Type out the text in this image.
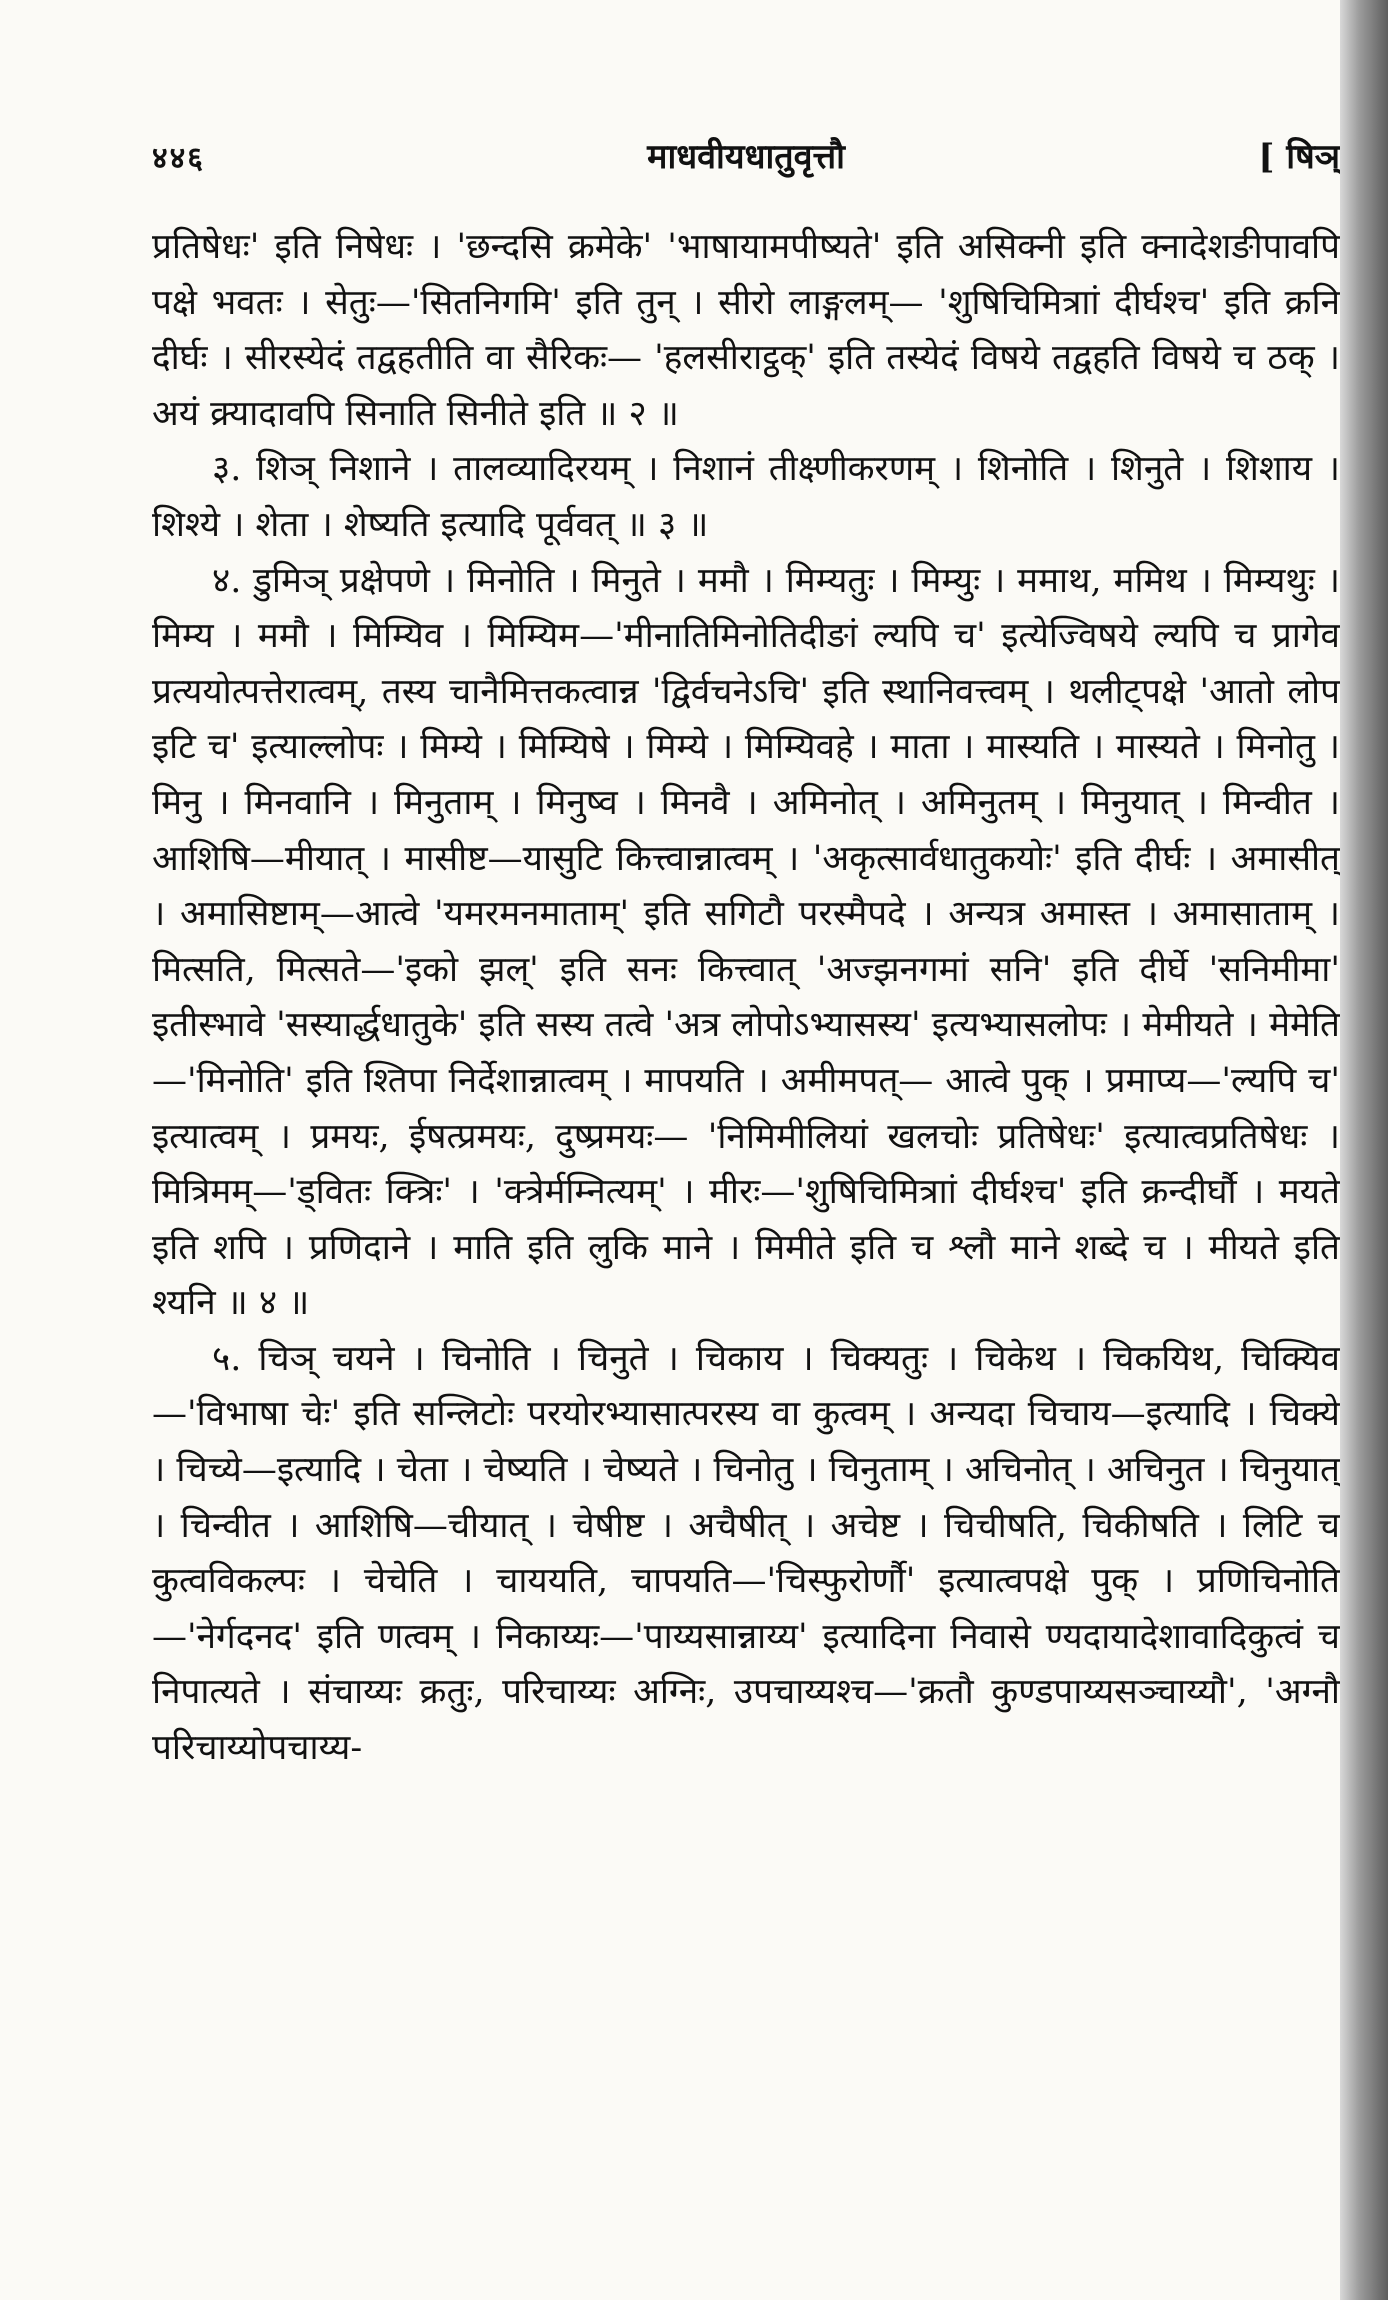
४४६	माधवीयधातुवृत्तौ	[ षिञ्

प्रतिषेधः' इति निषेधः । 'छन्दसि क्रमेके' 'भाषायामपीष्यते' इति असिक्नी इति क्नादेशङीपावपि पक्षे भवतः । सेतुः—'सितनिगमि' इति तुन् । सीरो लाङ्गलम्— 'शुषिचिमित्राां दीर्घश्च' इति क्रनि दीर्घः । सीरस्येदं तद्वहतीति वा सैरिकः— 'हलसीराट्ठक्' इति तस्येदं विषये तद्वहति विषये च ठक् । अयं क्र्यादावपि सिनाति सिनीते इति ॥ २ ॥

३. शिञ् निशाने । तालव्यादिरयम् । निशानं तीक्ष्णीकरणम् । शिनोति । शिनुते । शिशाय । शिश्ये । शेता । शेष्यति इत्यादि पूर्ववत् ॥ ३ ॥

४. डुमिञ् प्रक्षेपणे । मिनोति । मिनुते । ममौ । मिम्यतुः । मिम्युः । ममाथ, ममिथ । मिम्यथुः । मिम्य । ममौ । मिम्यिव । मिम्यिम—'मीनातिमिनोतिदीङां ल्यपि च' इत्येज्विषये ल्यपि च प्रागेव प्रत्ययोत्पत्तेरात्वम्, तस्य चानैमित्तकत्वान्न 'द्विर्वचनेऽचि' इति स्थानिवत्त्वम् । थलीट्पक्षे 'आतो लोप इटि च' इत्याल्लोपः । मिम्ये । मिम्यिषे । मिम्ये । मिम्यिवहे । माता । मास्यति । मास्यते । मिनोतु । मिनु । मिनवानि । मिनुताम् । मिनुष्व । मिनवै । अमिनोत् । अमिनुतम् । मिनुयात् । मिन्वीत । आशिषि—मीयात् । मासीष्ट—यासुटि कित्त्वान्नात्वम् । 'अकृत्सार्वधातुकयोः' इति दीर्घः । अमासीत् । अमासिष्टाम्—आत्वे 'यमरमनमाताम्' इति सगिटौ परस्मैपदे । अन्यत्र अमास्त । अमासाताम् । मित्सति, मित्सते—'इको झल्' इति सनः कित्त्वात् 'अज्झनगमां सनि' इति दीर्घे 'सनिमीमा' इतीस्भावे 'सस्यार्द्धधातुके' इति सस्य तत्वे 'अत्र लोपोऽभ्यासस्य' इत्यभ्यासलोपः । मेमीयते । मेमेति—'मिनोति' इति श्तिपा निर्देशान्नात्वम् । मापयति । अमीमपत्— आत्वे पुक् । प्रमाप्य—'ल्यपि च' इत्यात्वम् । प्रमयः, ईषत्प्रमयः, दुष्प्रमयः— 'निमिमीलियां खलचोः प्रतिषेधः' इत्यात्वप्रतिषेधः । मित्रिमम्—'ड्वितः क्त्रिः' । 'क्त्रेर्मम्नित्यम्' । मीरः—'शुषिचिमित्राां दीर्घश्च' इति क्रन्दीर्घौ । मयते इति शपि । प्रणिदाने । माति इति लुकि माने । मिमीते इति च श्लौ माने शब्दे च । मीयते इति श्यनि ॥ ४ ॥

५. चिञ् चयने । चिनोति । चिनुते । चिकाय । चिक्यतुः । चिकेथ । चिकयिथ, चिक्यिव—'विभाषा चेः' इति सन्लिटोः परयोरभ्यासात्परस्य वा कुत्वम् । अन्यदा चिचाय—इत्यादि । चिक्ये । चिच्ये—इत्यादि । चेता । चेष्यति । चेष्यते । चिनोतु । चिनुताम् । अचिनोत् । अचिनुत । चिनुयात् । चिन्वीत । आशिषि—चीयात् । चेषीष्ट । अचैषीत् । अचेष्ट । चिचीषति, चिकीषति । लिटि च कुत्वविकल्पः । चेचेति । चाययति, चापयति—'चिस्फुरोर्णौ' इत्यात्वपक्षे पुक् । प्रणिचिनोति—'नेर्गदनद' इति णत्वम् । निकाय्यः—'पाय्यसान्नाय्य' इत्यादिना निवासे ण्यदायादेशावादिकुत्वं च निपात्यते । संचाय्यः क्रतुः, परिचाय्यः अग्निः, उपचाय्यश्च—'क्रतौ कुण्डपाय्यसञ्चाय्यौ', 'अग्नौ परिचाय्योपचाय्य-
